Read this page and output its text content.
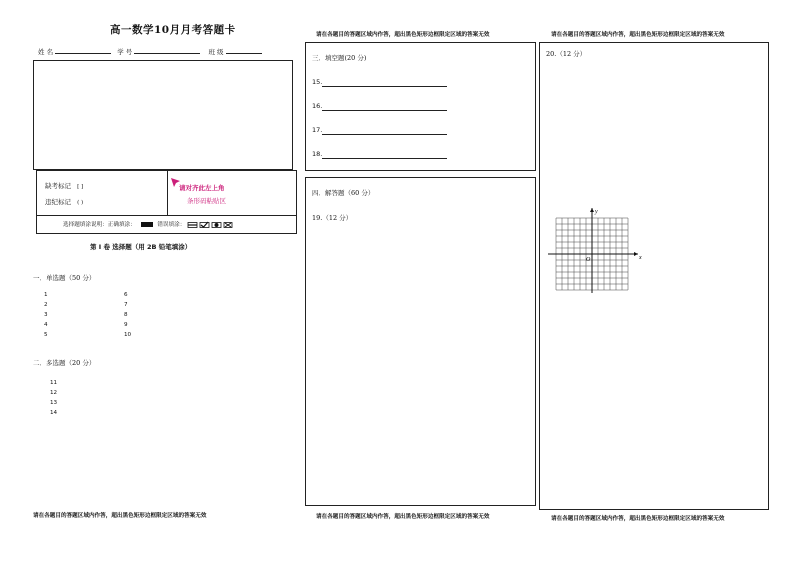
高一数学10月月考答题卡
姓 名	学 号	班 级
缺考标记 [ ]
违纪标记 ( )
请对齐此左上角
条形码粘贴区
选择题填涂说明：正确填涂：	错误填涂：
第 I 卷 选择题（用 2B 铅笔填涂）
一．单选题（50 分）
1
2
3
4
5
6
7
8
9
10
二．多选题（20 分）
11
12
13
14
请在各题目的答题区域内作答，超出黑色矩形边框限定区域的答案无效
请在各题目的答题区域内作答，超出黑色矩形边框限定区域的答案无效
三．填空题(20 分)
15.
16.
17.
18.
四．解答题（60 分）
19.（12 分）
请在各题目的答题区域内作答，超出黑色矩形边框限定区域的答案无效
请在各题目的答题区域内作答，超出黑色矩形边框限定区域的答案无效
20.（12 分）
x
y
O
请在各题目的答题区域内作答，超出黑色矩形边框限定区域的答案无效
